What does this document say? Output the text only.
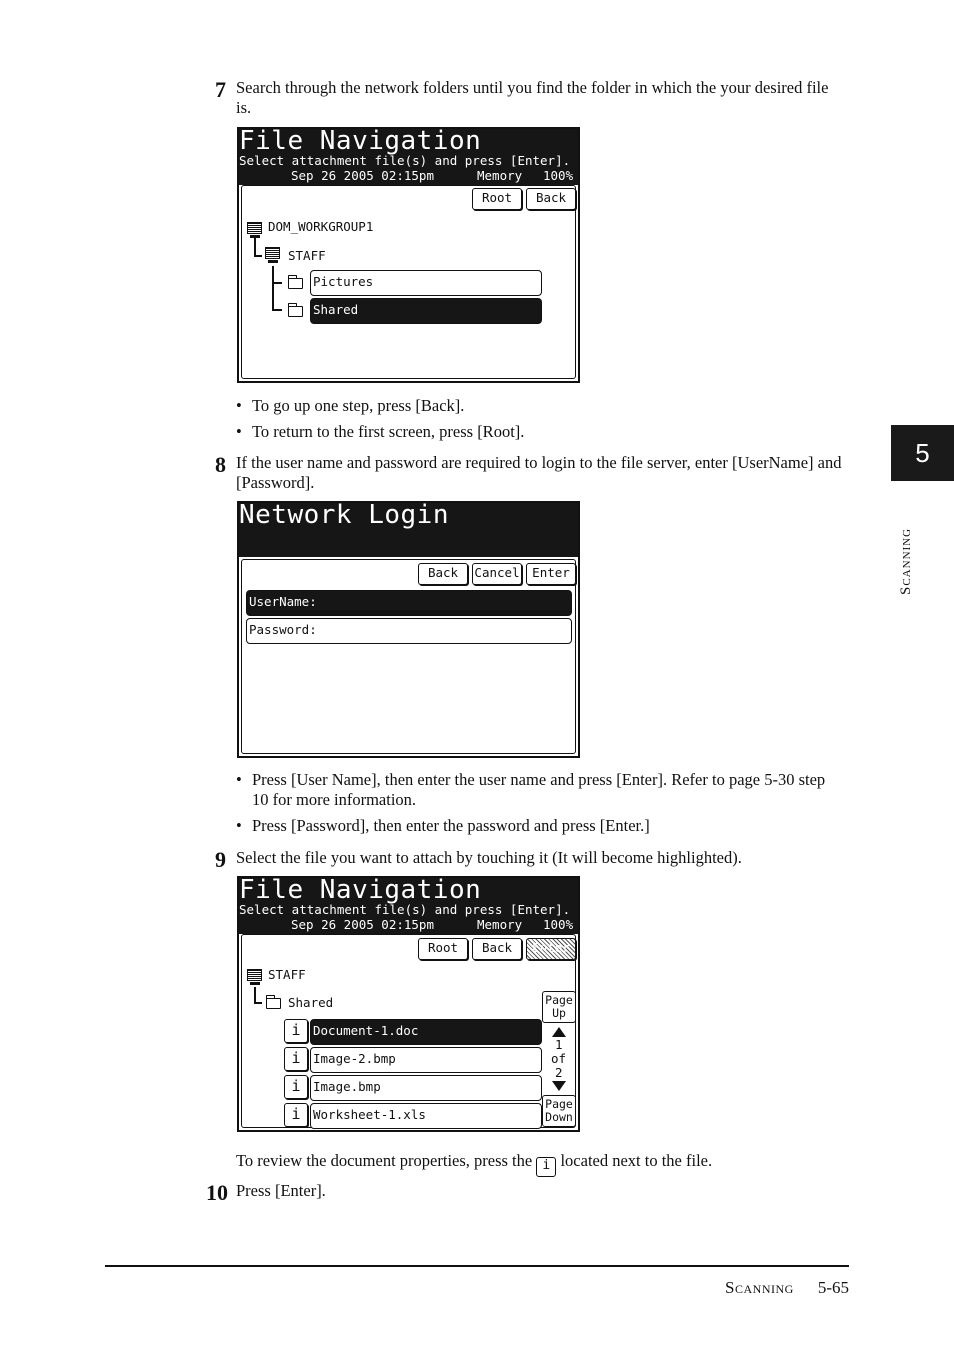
7 Search through the network folders until you find the folder in which the your desired file is.
File Navigation
Select attachment file(s) and press [Enter].
Sep 26 2005 02:15pm	Memory 100%
Root	Back
DOM_WORKGROUP1
STAFF
Pictures
Shared
• To go up one step, press [Back].
• To return to the first screen, press [Root].
8 If the user name and password are required to login to the file server, enter [UserName] and [Password].
Network Login
Back	Cancel	Enter
UserName:
Password:
• Press [User Name], then enter the user name and press [Enter]. Refer to page 5-30 step 10 for more information.
• Press [Password], then enter the password and press [Enter.]
9 Select the file you want to attach by touching it (It will become highlighted).
File Navigation
Select attachment file(s) and press [Enter].
Sep 26 2005 02:15pm	Memory 100%
Root	Back	Enter
STAFF
Shared
i Document-1.doc
i Image-2.bmp
i Image.bmp
i Worksheet-1.xls
Page Up
1
of
2
Page Down
To review the document properties, press the i located next to the file.
10 Press [Enter].
5
Scanning
Scanning 5-65
